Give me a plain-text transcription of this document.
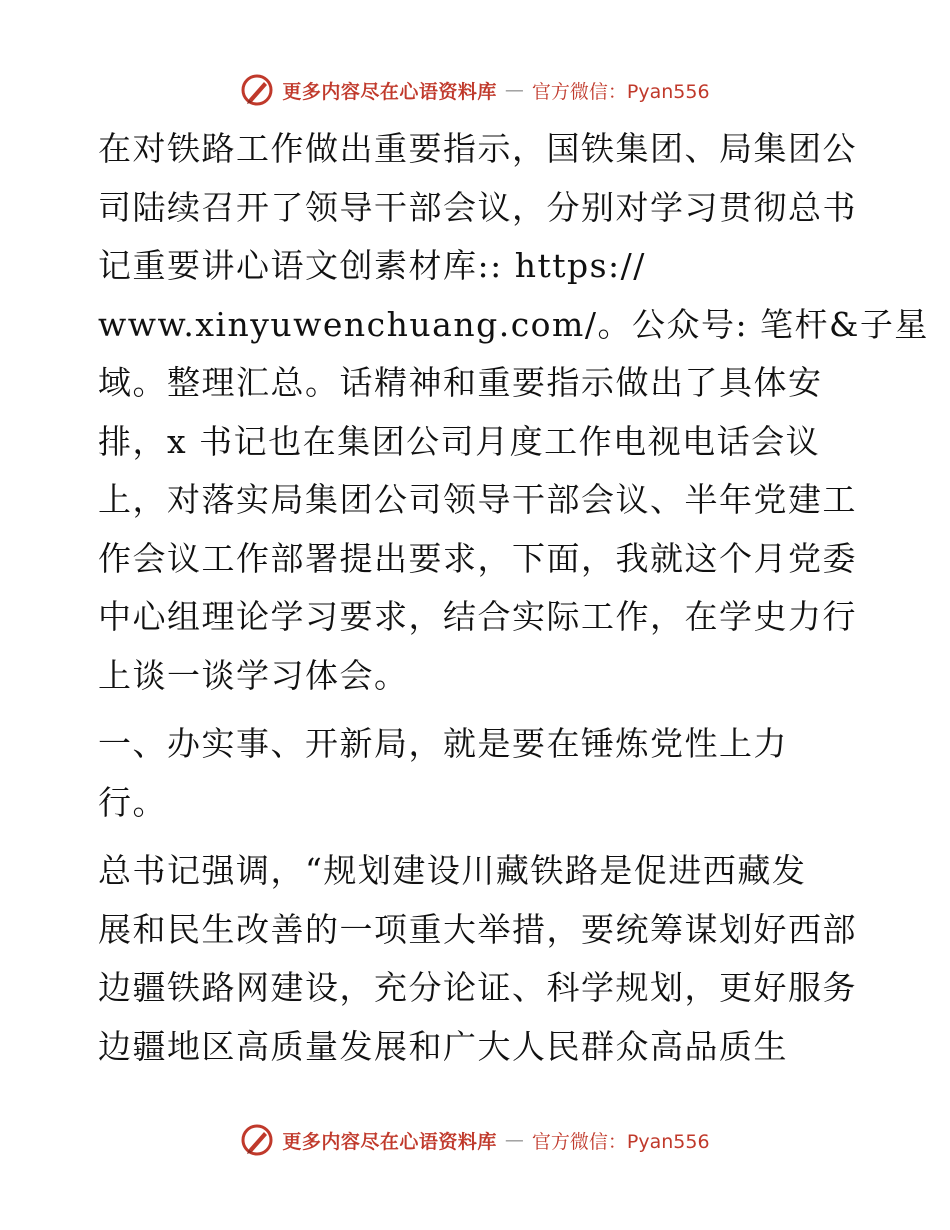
更多内容尽在心语资料库 — 官方微信：Pyan556

在对铁路工作做出重要指示，国铁集团、局集团公
司陆续召开了领导干部会议，分别对学习贯彻总书
记重要讲心语文创素材库:: https://
www.xinyuwenchuang.com/。公众号: 笔杆&子星
域。整理汇总。话精神和重要指示做出了具体安
排，x 书记也在集团公司月度工作电视电话会议
上，对落实局集团公司领导干部会议、半年党建工
作会议工作部署提出要求，下面，我就这个月党委
中心组理论学习要求，结合实际工作，在学史力行
上谈一谈学习体会。

一、办实事、开新局，就是要在锤炼党性上力
行。

总书记强调，“规划建设川藏铁路是促进西藏发
展和民生改善的一项重大举措，要统筹谋划好西部
边疆铁路网建设，充分论证、科学规划，更好服务
边疆地区高质量发展和广大人民群众高品质生

更多内容尽在心语资料库 — 官方微信：Pyan556
